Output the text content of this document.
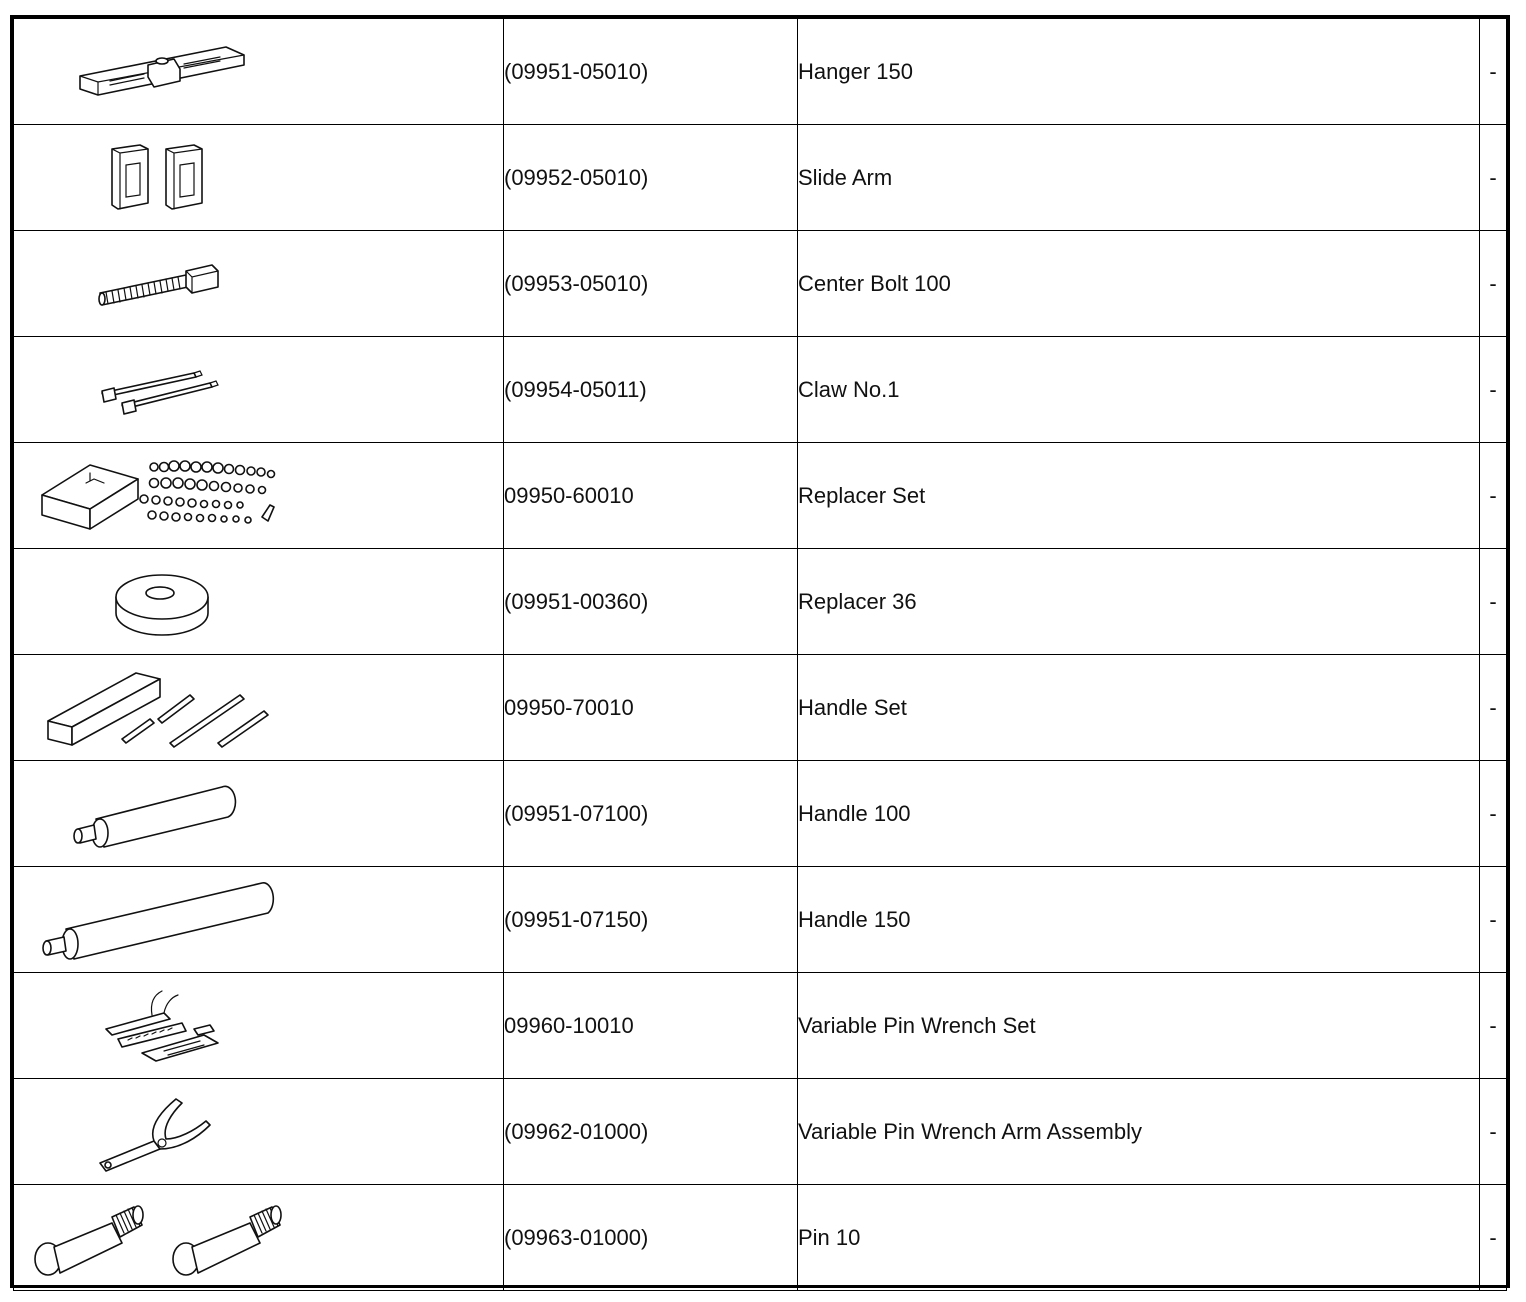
	(09951-05010)	Hanger 150	-

	(09952-05010)	Slide Arm	-

	(09953-05010)	Center Bolt 100	-

	(09954-05011)	Claw No.1	-

	09950-60010	Replacer Set	-

	(09951-00360)	Replacer 36	-

	09950-70010	Handle Set	-

	(09951-07100)	Handle 100	-

	(09951-07150)	Handle 150	-

	09960-10010	Variable Pin Wrench Set	-

	(09962-01000)	Variable Pin Wrench Arm Assembly	-

	(09963-01000)	Pin 10	-
